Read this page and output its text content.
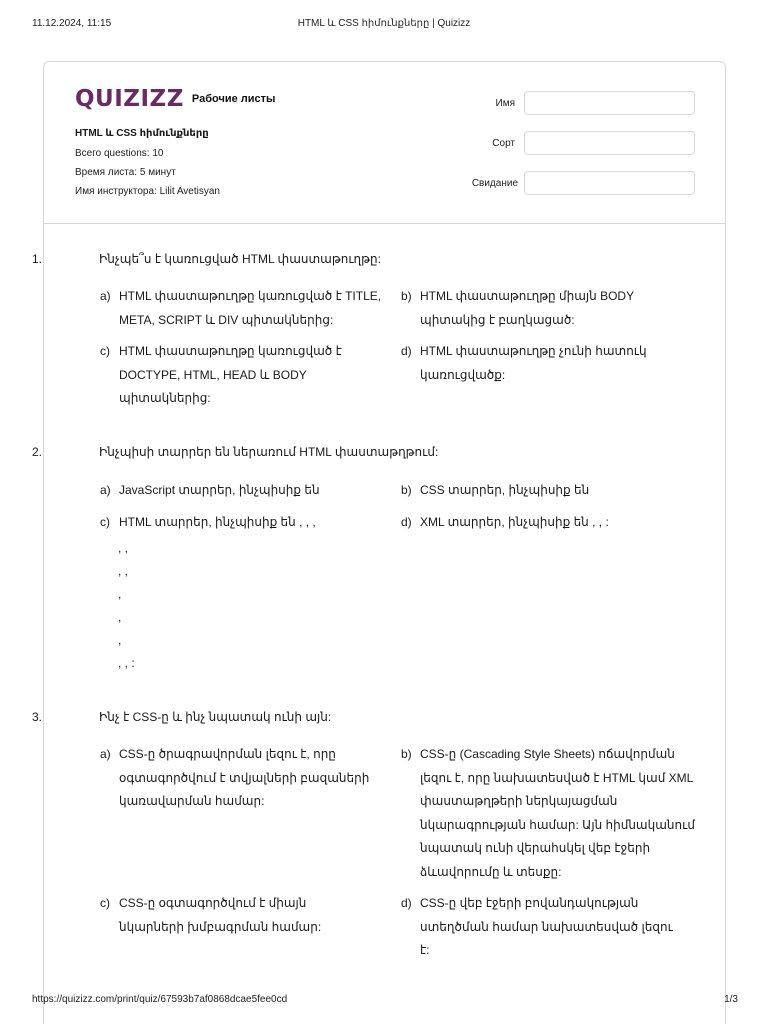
11.12.2024, 11:15	HTML և CSS հիմունքները | Quizizz
QUIZIZZ Рабочие листы
HTML և CSS հիմունքները
Всего questions: 10
Время листа: 5 минут
Имя инструктора: Lilit Avetisyan
Имя
Сорт
Свидание
1.	Ինչպե՞ս է կառուցված HTML փաստաթուղթը:
a) HTML փաստաթուղթը կառուցված է TITLE, META, SCRIPT և DIV պիտակներից:
b) HTML փաստաթուղթը միայն BODY պիտակից է բաղկացած:
c) HTML փաստաթուղթը կառուցված է DOCTYPE, HTML, HEAD և BODY պիտակներից:
d) HTML փաստաթուղթը չունի հատուկ կառուցվածք:
2.	Ինչպիսի տարրեր են ներառում HTML փաստաթղթում:
a) JavaScript տարրեր, ինչպիսիք են	b) CSS տարրեր, ինչպիսիք են
c) HTML տարրեր, ինչպիսիք են , , ,	d) XML տարրեր, ինչպիսիք են , , :
, ,
, ,
,
,
,
, , :
3.	Ինչ է CSS-ը և ինչ նպատակ ունի այն:
a) CSS-ը ծրագրավորման լեզու է, որը օգտագործվում է տվյալների բազաների կառավարման համար:
b) CSS-ը (Cascading Style Sheets) ոճավորման լեզու է, որը նախատեսված է HTML կամ XML փաստաթղթերի ներկայացման նկարագրության համար: Այն հիմնականում նպատակ ունի վերահսկել վեբ էջերի ձևավորումը և տեսքը:
c) CSS-ը օգտագործվում է միայն նկարների խմբագրման համար:
d) CSS-ը վեբ էջերի բովանդակության ստեղծման համար նախատեսված լեզու է:
https://quizizz.com/print/quiz/67593b7af0868dcae5fee0cd	1/3
